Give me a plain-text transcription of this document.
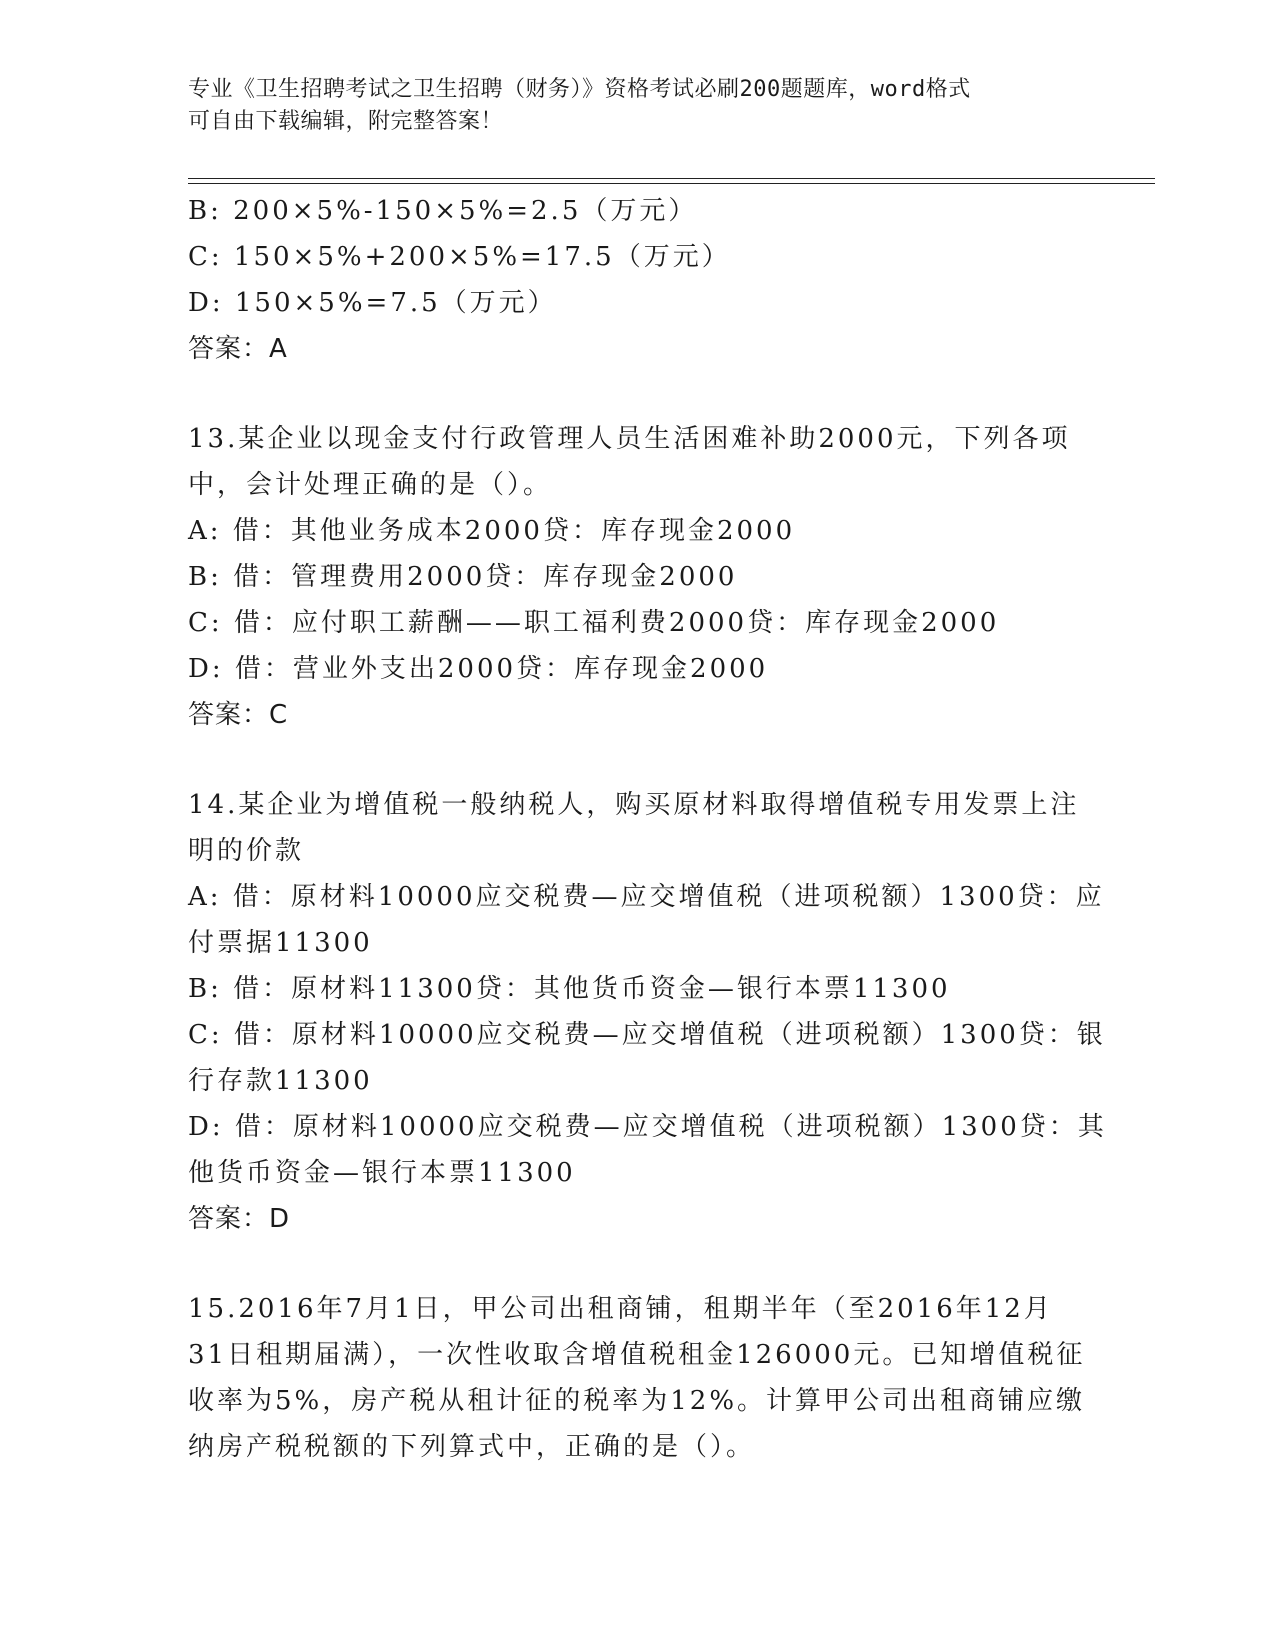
专业《卫生招聘考试之卫生招聘（财务）》资格考试必刷200题题库，word格式
可自由下载编辑，附完整答案！
B: 200×5%-150×5%=2.5（万元）
C: 150×5%+200×5%=17.5（万元）
D: 150×5%=7.5（万元）
答案：A
13.某企业以现金支付行政管理人员生活困难补助2000元，下列各项
中，会计处理正确的是（）。
A: 借：其他业务成本2000贷：库存现金2000
B: 借：管理费用2000贷：库存现金2000
C: 借：应付职工薪酬——职工福利费2000贷：库存现金2000
D: 借：营业外支出2000贷：库存现金2000
答案：C
14.某企业为增值税一般纳税人，购买原材料取得增值税专用发票上注
明的价款
A: 借：原材料10000应交税费—应交增值税（进项税额）1300贷：应
付票据11300
B: 借：原材料11300贷：其他货币资金—银行本票11300
C: 借：原材料10000应交税费—应交增值税（进项税额）1300贷：银
行存款11300
D: 借：原材料10000应交税费—应交增值税（进项税额）1300贷：其
他货币资金—银行本票11300
答案：D
15.2016年7月1日，甲公司出租商铺，租期半年（至2016年12月
31日租期届满），一次性收取含增值税租金126000元。已知增值税征
收率为5%，房产税从租计征的税率为12%。计算甲公司出租商铺应缴
纳房产税税额的下列算式中，正确的是（）。
